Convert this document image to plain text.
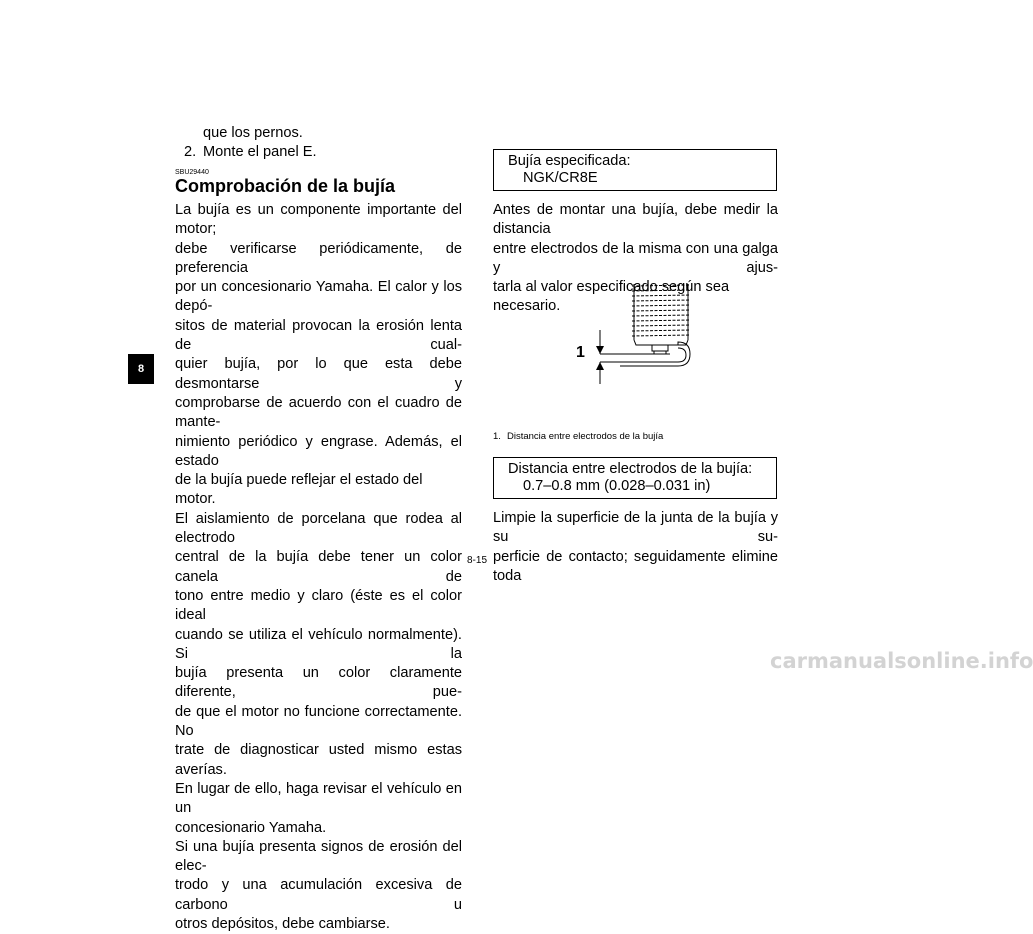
8
que los pernos.
2. Monte el panel E.
SBU29440
Comprobación de la bujía
La bujía es un componente importante del motor;
debe verificarse periódicamente, de preferencia
por un concesionario Yamaha. El calor y los depó-
sitos de material provocan la erosión lenta de cual-
quier bujía, por lo que esta debe desmontarse y
comprobarse de acuerdo con el cuadro de mante-
nimiento periódico y engrase. Además, el estado
de la bujía puede reflejar el estado del motor.
El aislamiento de porcelana que rodea al electrodo
central de la bujía debe tener un color canela de
tono entre medio y claro (éste es el color ideal
cuando se utiliza el vehículo normalmente). Si la
bujía presenta un color claramente diferente, pue-
de que el motor no funcione correctamente. No
trate de diagnosticar usted mismo estas averías.
En lugar de ello, haga revisar el vehículo en un
concesionario Yamaha.
Si una bujía presenta signos de erosión del elec-
trodo y una acumulación excesiva de carbono u
otros depósitos, debe cambiarse.
Bujía especificada:
NGK/CR8E
Antes de montar una bujía, debe medir la distancia
entre electrodos de la misma con una galga y ajus-
tarla al valor especificado según sea necesario.
1
1. Distancia entre electrodos de la bujía
Distancia entre electrodos de la bujía:
0.7–0.8 mm (0.028–0.031 in)
Limpie la superficie de la junta de la bujía y su su-
perficie de contacto; seguidamente elimine toda
8-15
carmanualsonline.info
